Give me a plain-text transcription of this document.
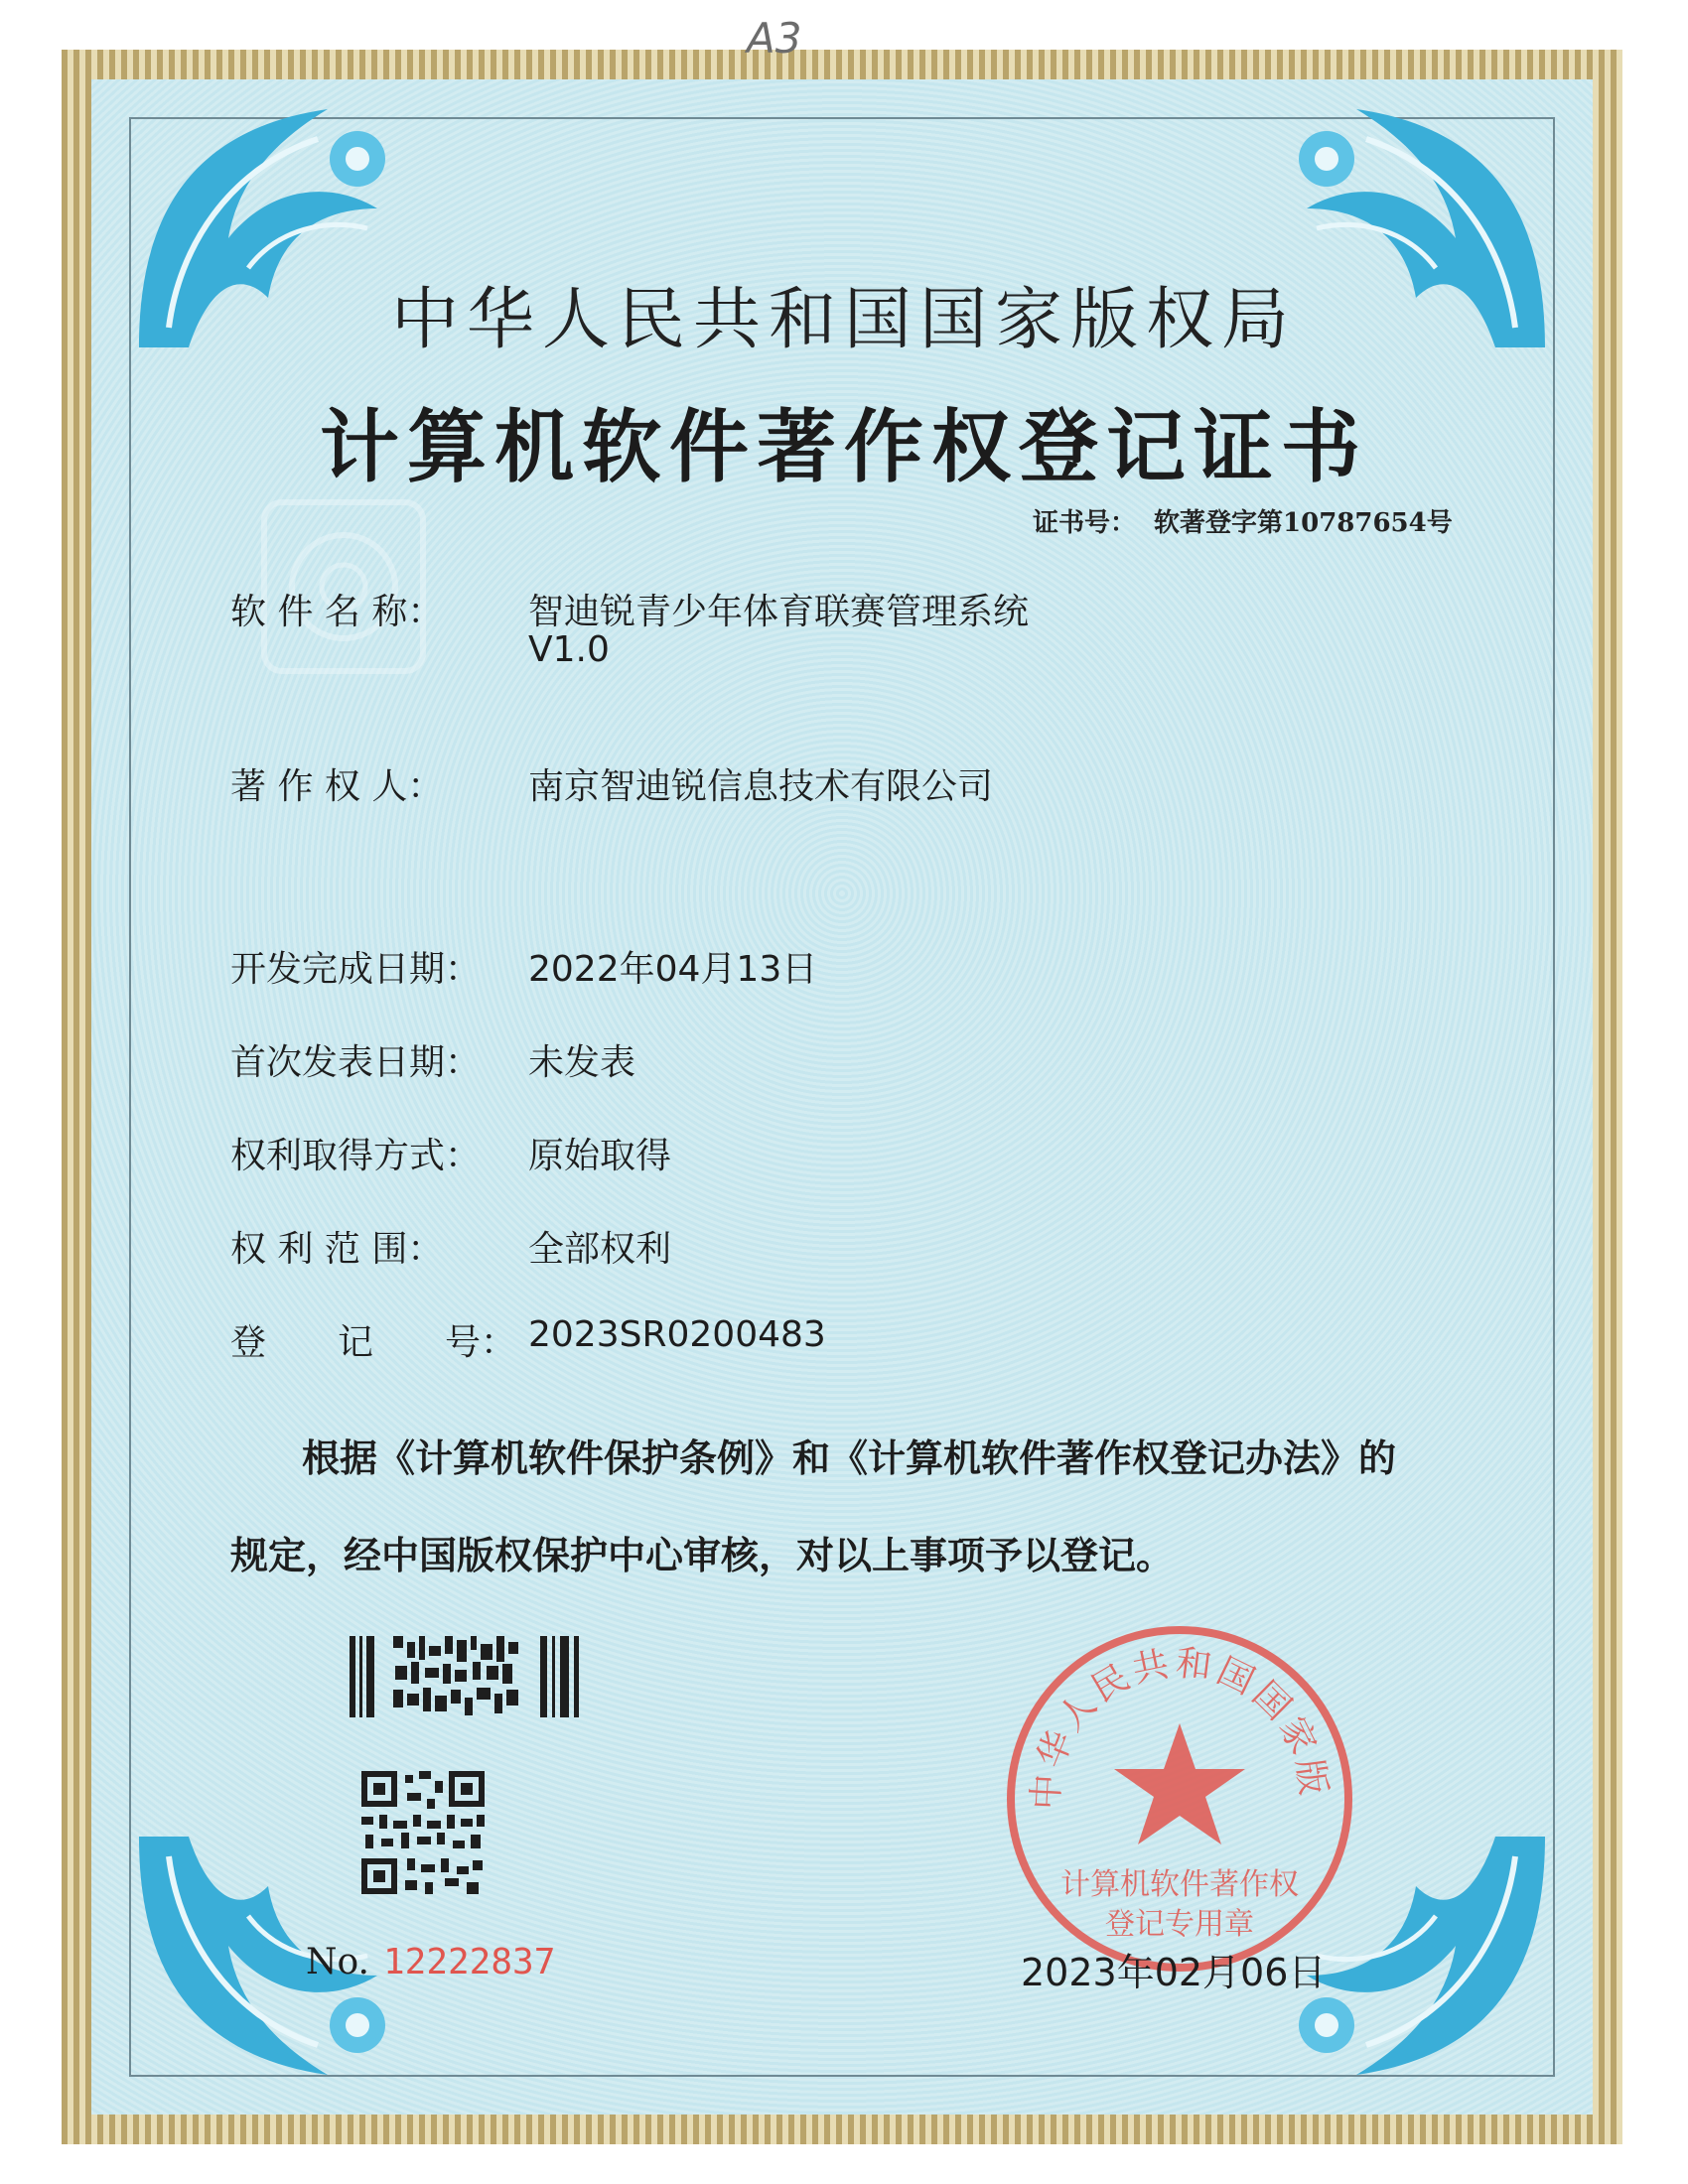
A3
中华人民共和国国家版权局
计算机软件著作权登记证书
证书号： 软著登字第10787654号
软 件 名 称： 智迪锐青少年体育联赛管理系统
V1.0
著 作 权 人： 南京智迪锐信息技术有限公司
开发完成日期： 2022年04月13日
首次发表日期： 未发表
权利取得方式： 原始取得
权 利 范 围： 全部权利
登　　记　　号： 2023SR0200483
根据《计算机软件保护条例》和《计算机软件著作权登记办法》的
规定，经中国版权保护中心审核，对以上事项予以登记。
No. 12222837
中华人民共和国国家版
计算机软件著作权
登记专用章
2023年02月06日
